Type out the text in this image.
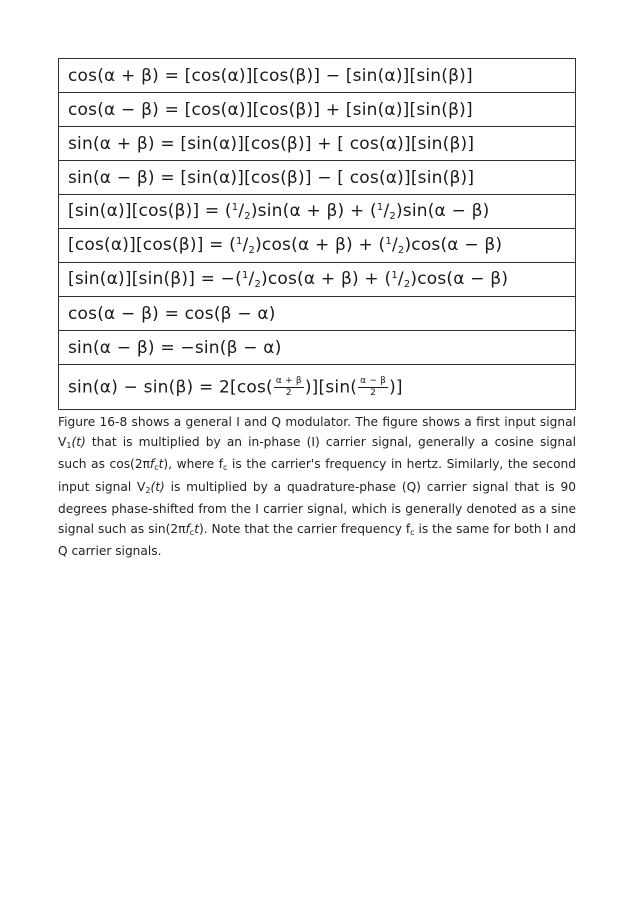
cos(α + β) = [cos(α)][cos(β)] − [sin(α)][sin(β)]
cos(α − β) = [cos(α)][cos(β)] + [sin(α)][sin(β)]
sin(α + β) = [sin(α)][cos(β)] + [ cos(α)][sin(β)]
sin(α − β) = [sin(α)][cos(β)] − [ cos(α)][sin(β)]
$[\sin(\alpha)][\cos(\beta)] = (^1/_2)\sin(\alpha + \beta) + (^1/_2)\sin(\alpha - \beta)$
$[\cos(\alpha)][\cos(\beta)] = (^1/_2)\cos(\alpha + \beta) + (^1/_2)\cos(\alpha - \beta)$
$[\sin(\alpha)][\sin(\beta)] = -(^1/_2)\cos(\alpha + \beta) + (^1/_2)\cos(\alpha - \beta)$
cos(α − β) = cos(β − α)
sin(α − β) = −sin(β − α)
$\sin(\alpha) - \sin(\beta) = 2[\cos( \frac{\alpha + \beta}{2} )][\sin( \frac{\alpha - \beta}{2}$ )]
Figure 16-8 shows a general I and Q modulator. The figure shows a first input signal V1(t) that is multiplied by an in-phase (I) carrier signal, generally a cosine signal such as cos(2πfct), where fc is the carrier's frequency in hertz. Similarly, the second input signal V2(t) is multiplied by a quadrature-phase (Q) carrier signal that is 90 degrees phase-shifted from the I carrier signal, which is generally denoted as a sine signal such as sin(2πfct). Note that the carrier frequency fc is the same for both I and Q carrier signals.
